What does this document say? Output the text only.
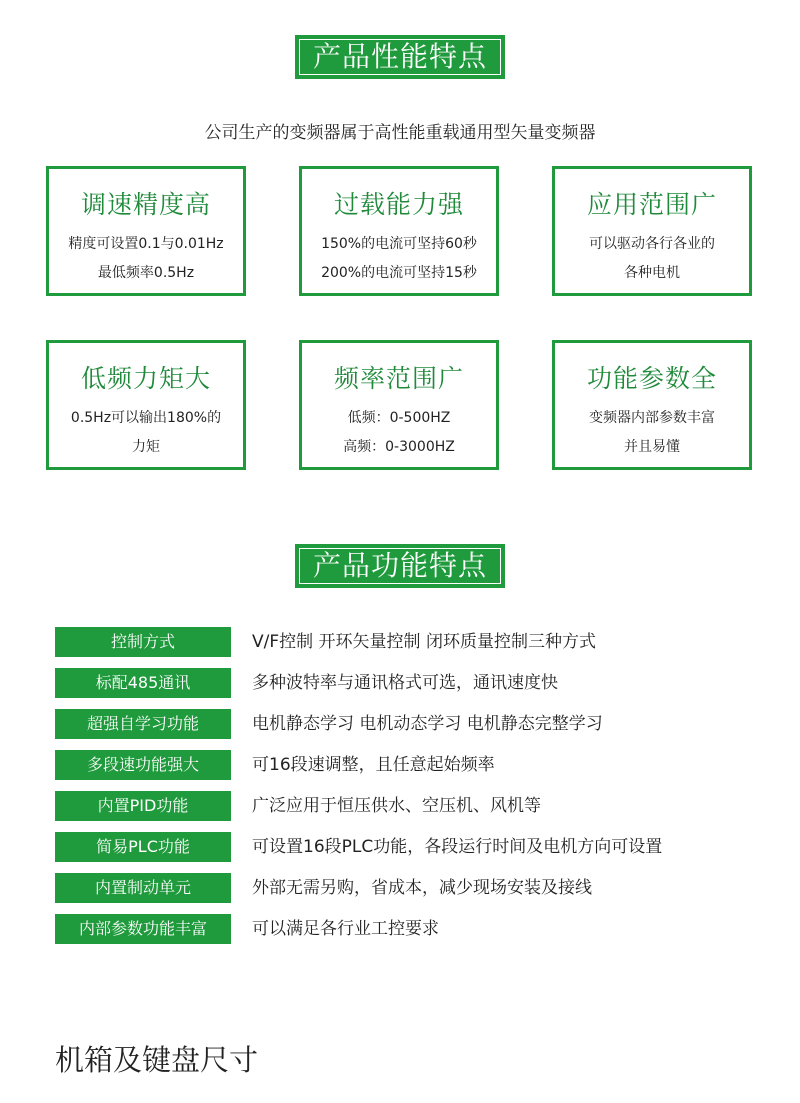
产品性能特点
公司生产的变频器属于高性能重载通用型矢量变频器
调速精度高
精度可设置0.1与0.01Hz
最低频率0.5Hz
过载能力强
150%的电流可坚持60秒
200%的电流可坚持15秒
应用范围广
可以驱动各行各业的
各种电机
低频力矩大
0.5Hz可以输出180%的
力矩
频率范围广
低频：0-500HZ
高频：0-3000HZ
功能参数全
变频器内部参数丰富
并且易懂
产品功能特点
控制方式	V/F控制 开环矢量控制 闭环质量控制三种方式
标配485通讯	多种波特率与通讯格式可选，通讯速度快
超强自学习功能	电机静态学习 电机动态学习 电机静态完整学习
多段速功能强大	可16段速调整，且任意起始频率
内置PID功能	广泛应用于恒压供水、空压机、风机等
简易PLC功能	可设置16段PLC功能，各段运行时间及电机方向可设置
内置制动单元	外部无需另购，省成本，减少现场安装及接线
内部参数功能丰富	可以满足各行业工控要求
机箱及键盘尺寸
